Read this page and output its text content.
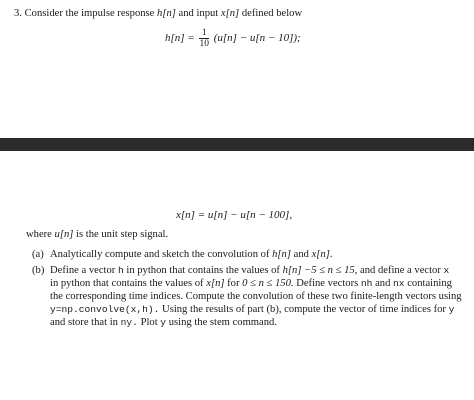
3. Consider the impulse response h[n] and input x[n] defined below
$h[n] = \frac{1}{10} (u[n] - u[n - 10])$;
x[n] = u[n] − u[n − 100],
where u[n] is the unit step signal.
(a) Analytically compute and sketch the convolution of h[n] and x[n].
(b) Define a vector h in python that contains the values of h[n] −5 ≤ n ≤ 15, and define a vector x
in python that contains the values of x[n] for 0 ≤ n ≤ 150. Define vectors nh and nx containing
the corresponding time indices. Compute the convolution of these two finite-length vectors using
y=np.convolve(x,h). Using the results of part (b), compute the vector of time indices for y
and store that in ny. Plot y using the stem command.
